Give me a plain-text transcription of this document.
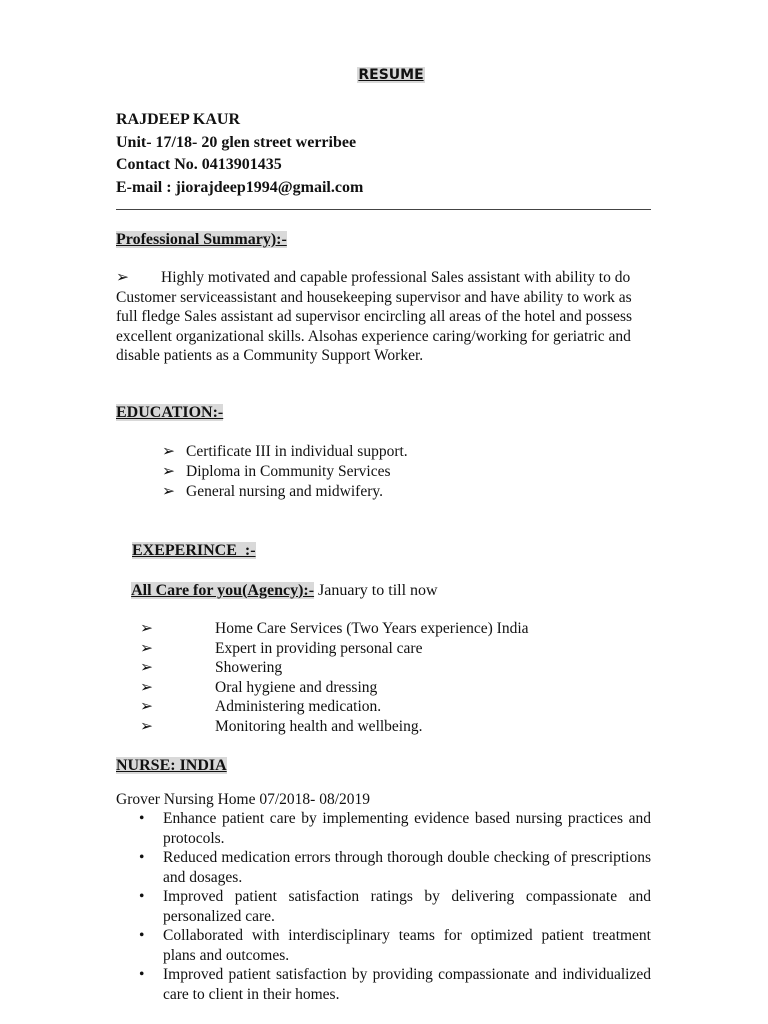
RESUME
RAJDEEP KAUR
Unit- 17/18- 20 glen street werribee
Contact No. 0413901435
E-mail : jiorajdeep1994@gmail.com
Professional Summary):-
➢ Highly motivated and capable professional Sales assistant with ability to do Customer serviceassistant and housekeeping supervisor and have ability to work as full fledge Sales assistant ad supervisor encircling all areas of the hotel and possess excellent organizational skills. Alsohas experience caring/working for geriatric and disable patients as a Community Support Worker.
EDUCATION:-
➢ Certificate III in individual support.
➢ Diploma in Community Services
➢ General nursing and midwifery.

EXEPERINCE  :-

All Care for you(Agency):- January to till now

➢	Home Care Services (Two Years experience) India
➢	Expert in providing personal care
➢	Showering
➢	Oral hygiene and dressing
➢	Administering medication.
➢	Monitoring health and wellbeing.
NURSE: INDIA
Grover Nursing Home 07/2018- 08/2019
• Enhance patient care by implementing evidence based nursing practices and protocols.
• Reduced medication errors through thorough double checking of prescriptions and dosages.
• Improved patient satisfaction ratings by delivering compassionate and personalized care.
• Collaborated with interdisciplinary teams for optimized patient treatment plans and outcomes.
• Improved patient satisfaction by providing compassionate and individualized care to client in their homes.
